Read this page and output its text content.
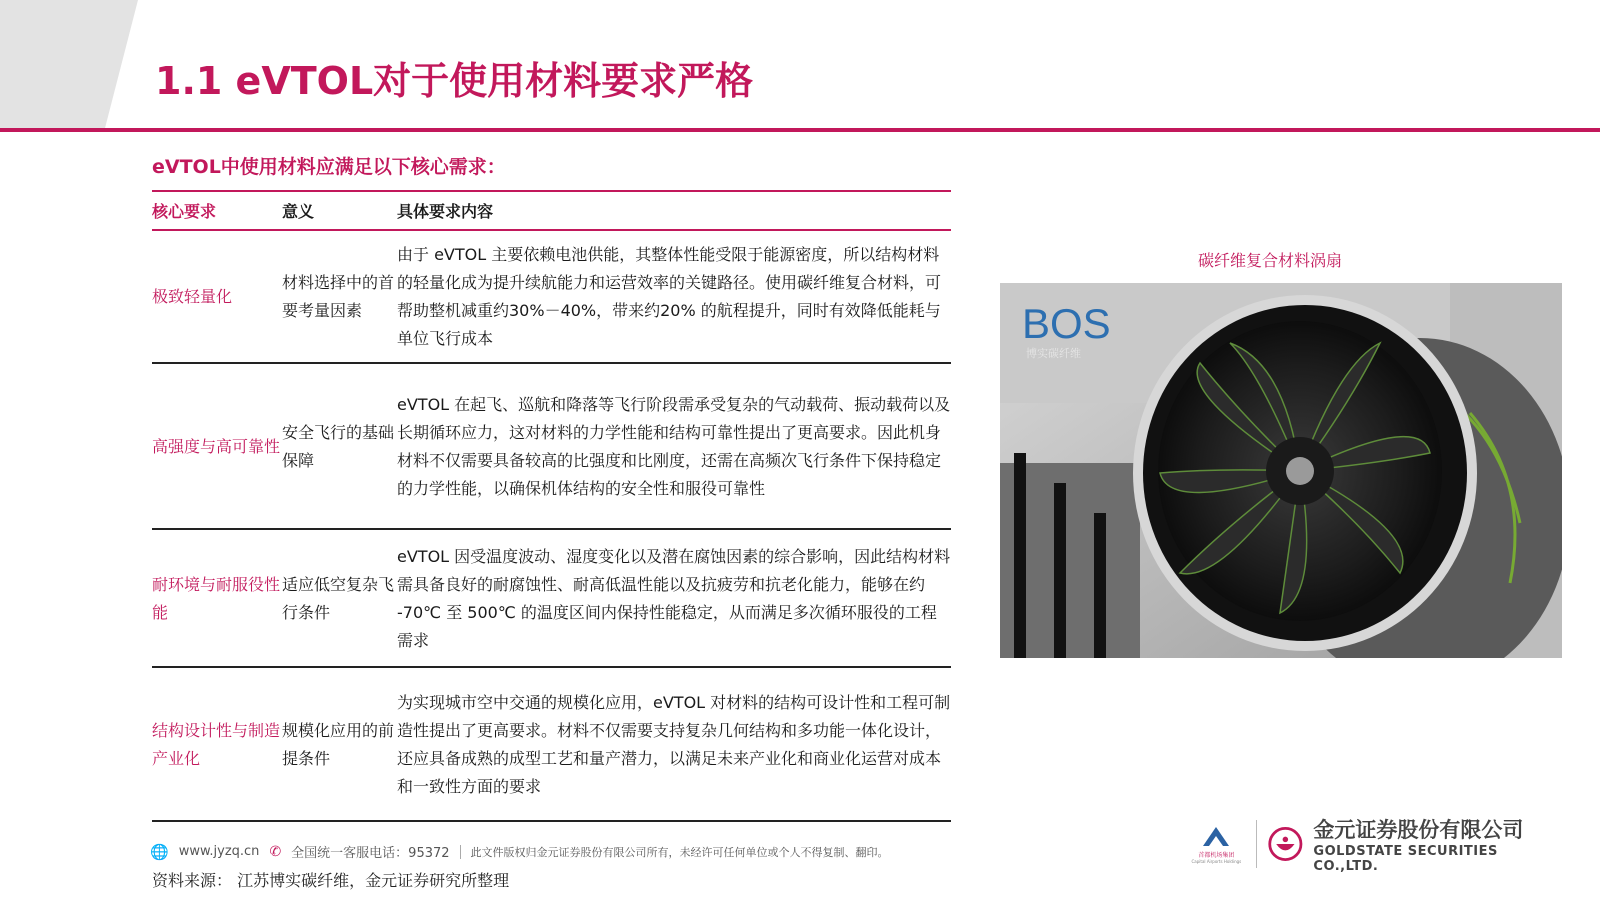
1.1 eVTOL对于使用材料要求严格
eVTOL中使用材料应满足以下核心需求：
核心要求	意义	具体要求内容
极致轻量化	材料选择中的首要考量因素	由于 eVTOL 主要依赖电池供能，其整体性能受限于能源密度，所以结构材料的轻量化成为提升续航能力和运营效率的关键路径。使用碳纤维复合材料，可帮助整机减重约30%－40%，带来约20% 的航程提升，同时有效降低能耗与单位飞行成本
高强度与高可靠性	安全飞行的基础保障	eVTOL 在起飞、巡航和降落等飞行阶段需承受复杂的气动载荷、振动载荷以及长期循环应力，这对材料的力学性能和结构可靠性提出了更高要求。因此机身材料不仅需要具备较高的比强度和比刚度，还需在高频次飞行条件下保持稳定的力学性能，以确保机体结构的安全性和服役可靠性
耐环境与耐服役性能	适应低空复杂飞行条件	eVTOL 因受温度波动、湿度变化以及潜在腐蚀因素的综合影响，因此结构材料需具备良好的耐腐蚀性、耐高低温性能以及抗疲劳和抗老化能力，能够在约 -70℃ 至 500℃ 的温度区间内保持性能稳定，从而满足多次循环服役的工程需求
结构设计性与制造产业化	规模化应用的前提条件	为实现城市空中交通的规模化应用，eVTOL 对材料的结构可设计性和工程可制造性提出了更高要求。材料不仅需要支持复杂几何结构和多功能一体化设计，还应具备成熟的成型工艺和量产潜力，以满足未来产业化和商业化运营对成本和一致性方面的要求
碳纤维复合材料涡扇
BOS
博实碳纤维
🌐 www.jyzq.cn ✆ 全国统一客服电话：95372 此文件版权归金元证券股份有限公司所有，未经许可任何单位或个人不得复制、翻印。
资料来源： 江苏博实碳纤维，金元证券研究所整理
首都机场集团
Capital Airports Holdings
金元证券股份有限公司
GOLDSTATE SECURITIES CO.,LTD.
